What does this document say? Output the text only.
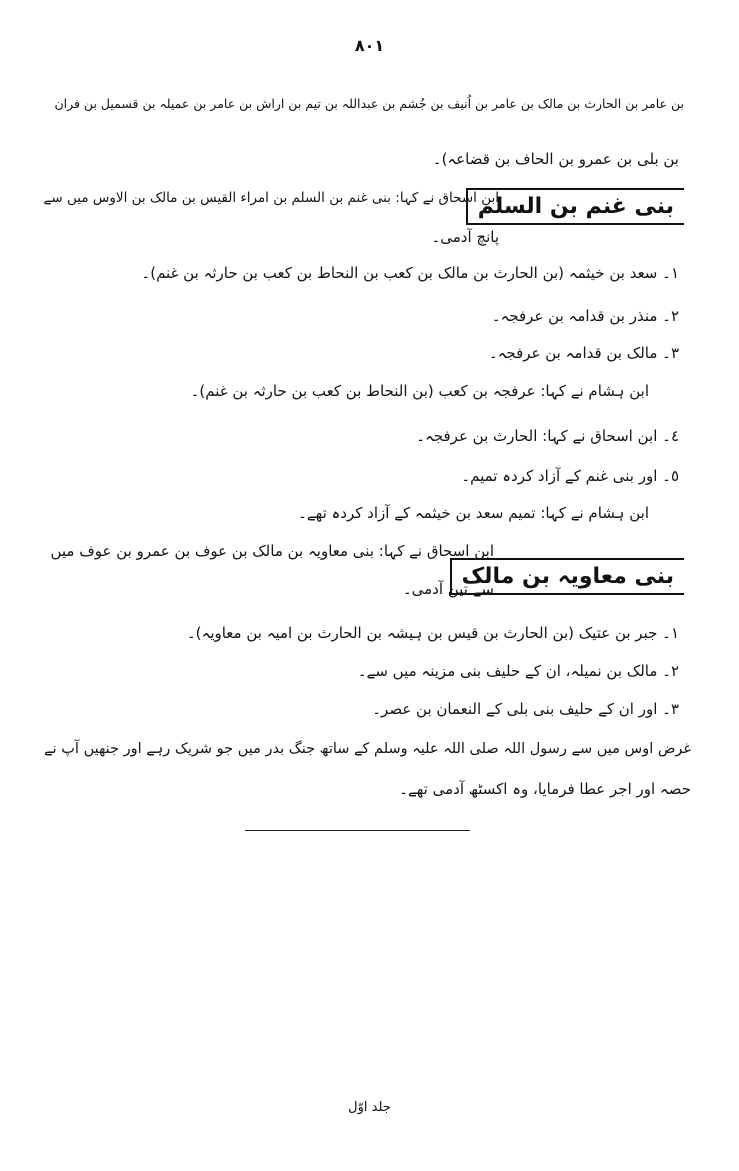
٨٠١
بن عامر بن الحارث بن مالک بن عامر بن اُنیف بن جُشم بن عبداللہ بن تیم بن اراش بن عامر بن عمیلہ بن قسمیل بن فران
بن بلی بن عمرو بن الحاف بن قضاعہ)۔
بنی غنم بن السلم
ابن اسحاق نے کہا: بنی غنم بن السلم بن امراء القیس بن مالک بن الاوس میں سے
پانچ آدمی۔
١۔ سعد بن خیثمہ (بن الحارث بن مالک بن کعب بن النحاط بن کعب بن حارثہ بن غنم)۔
٢۔ منذر بن قدامہ بن عرفجہ۔
٣۔ مالک بن قدامہ بن عرفجہ۔
ابن ہشام نے کہا: عرفجہ بن کعب (بن النحاط بن کعب بن حارثہ بن غنم)۔
٤۔ ابن اسحاق نے کہا: الحارث بن عرفجہ۔
٥۔ اور بنی غنم کے آزاد کردہ تمیم۔
ابن ہشام نے کہا: تمیم سعد بن خیثمہ کے آزاد کردہ تھے۔
بنی معاویہ بن مالک
ابن اسحاق نے کہا: بنی معاویہ بن مالک بن عوف بن عمرو بن عوف میں
سے تین آدمی۔
١۔ جبر بن عتیک (بن الحارث بن قیس بن ہیشہ بن الحارث بن امیہ بن معاویہ)۔
٢۔ مالک بن نمیلہ، ان کے حلیف بنی مزینہ میں سے۔
٣۔ اور ان کے حلیف بنی بلی کے النعمان بن عصر۔
غرض اوس میں سے رسول اللہ صلی اللہ علیہ وسلم کے ساتھ جنگ بدر میں جو شریک رہے اور جنھیں آپ نے
حصہ اور اجر عطا فرمایا، وہ اکسٹھ آدمی تھے۔
جلد اوّل
